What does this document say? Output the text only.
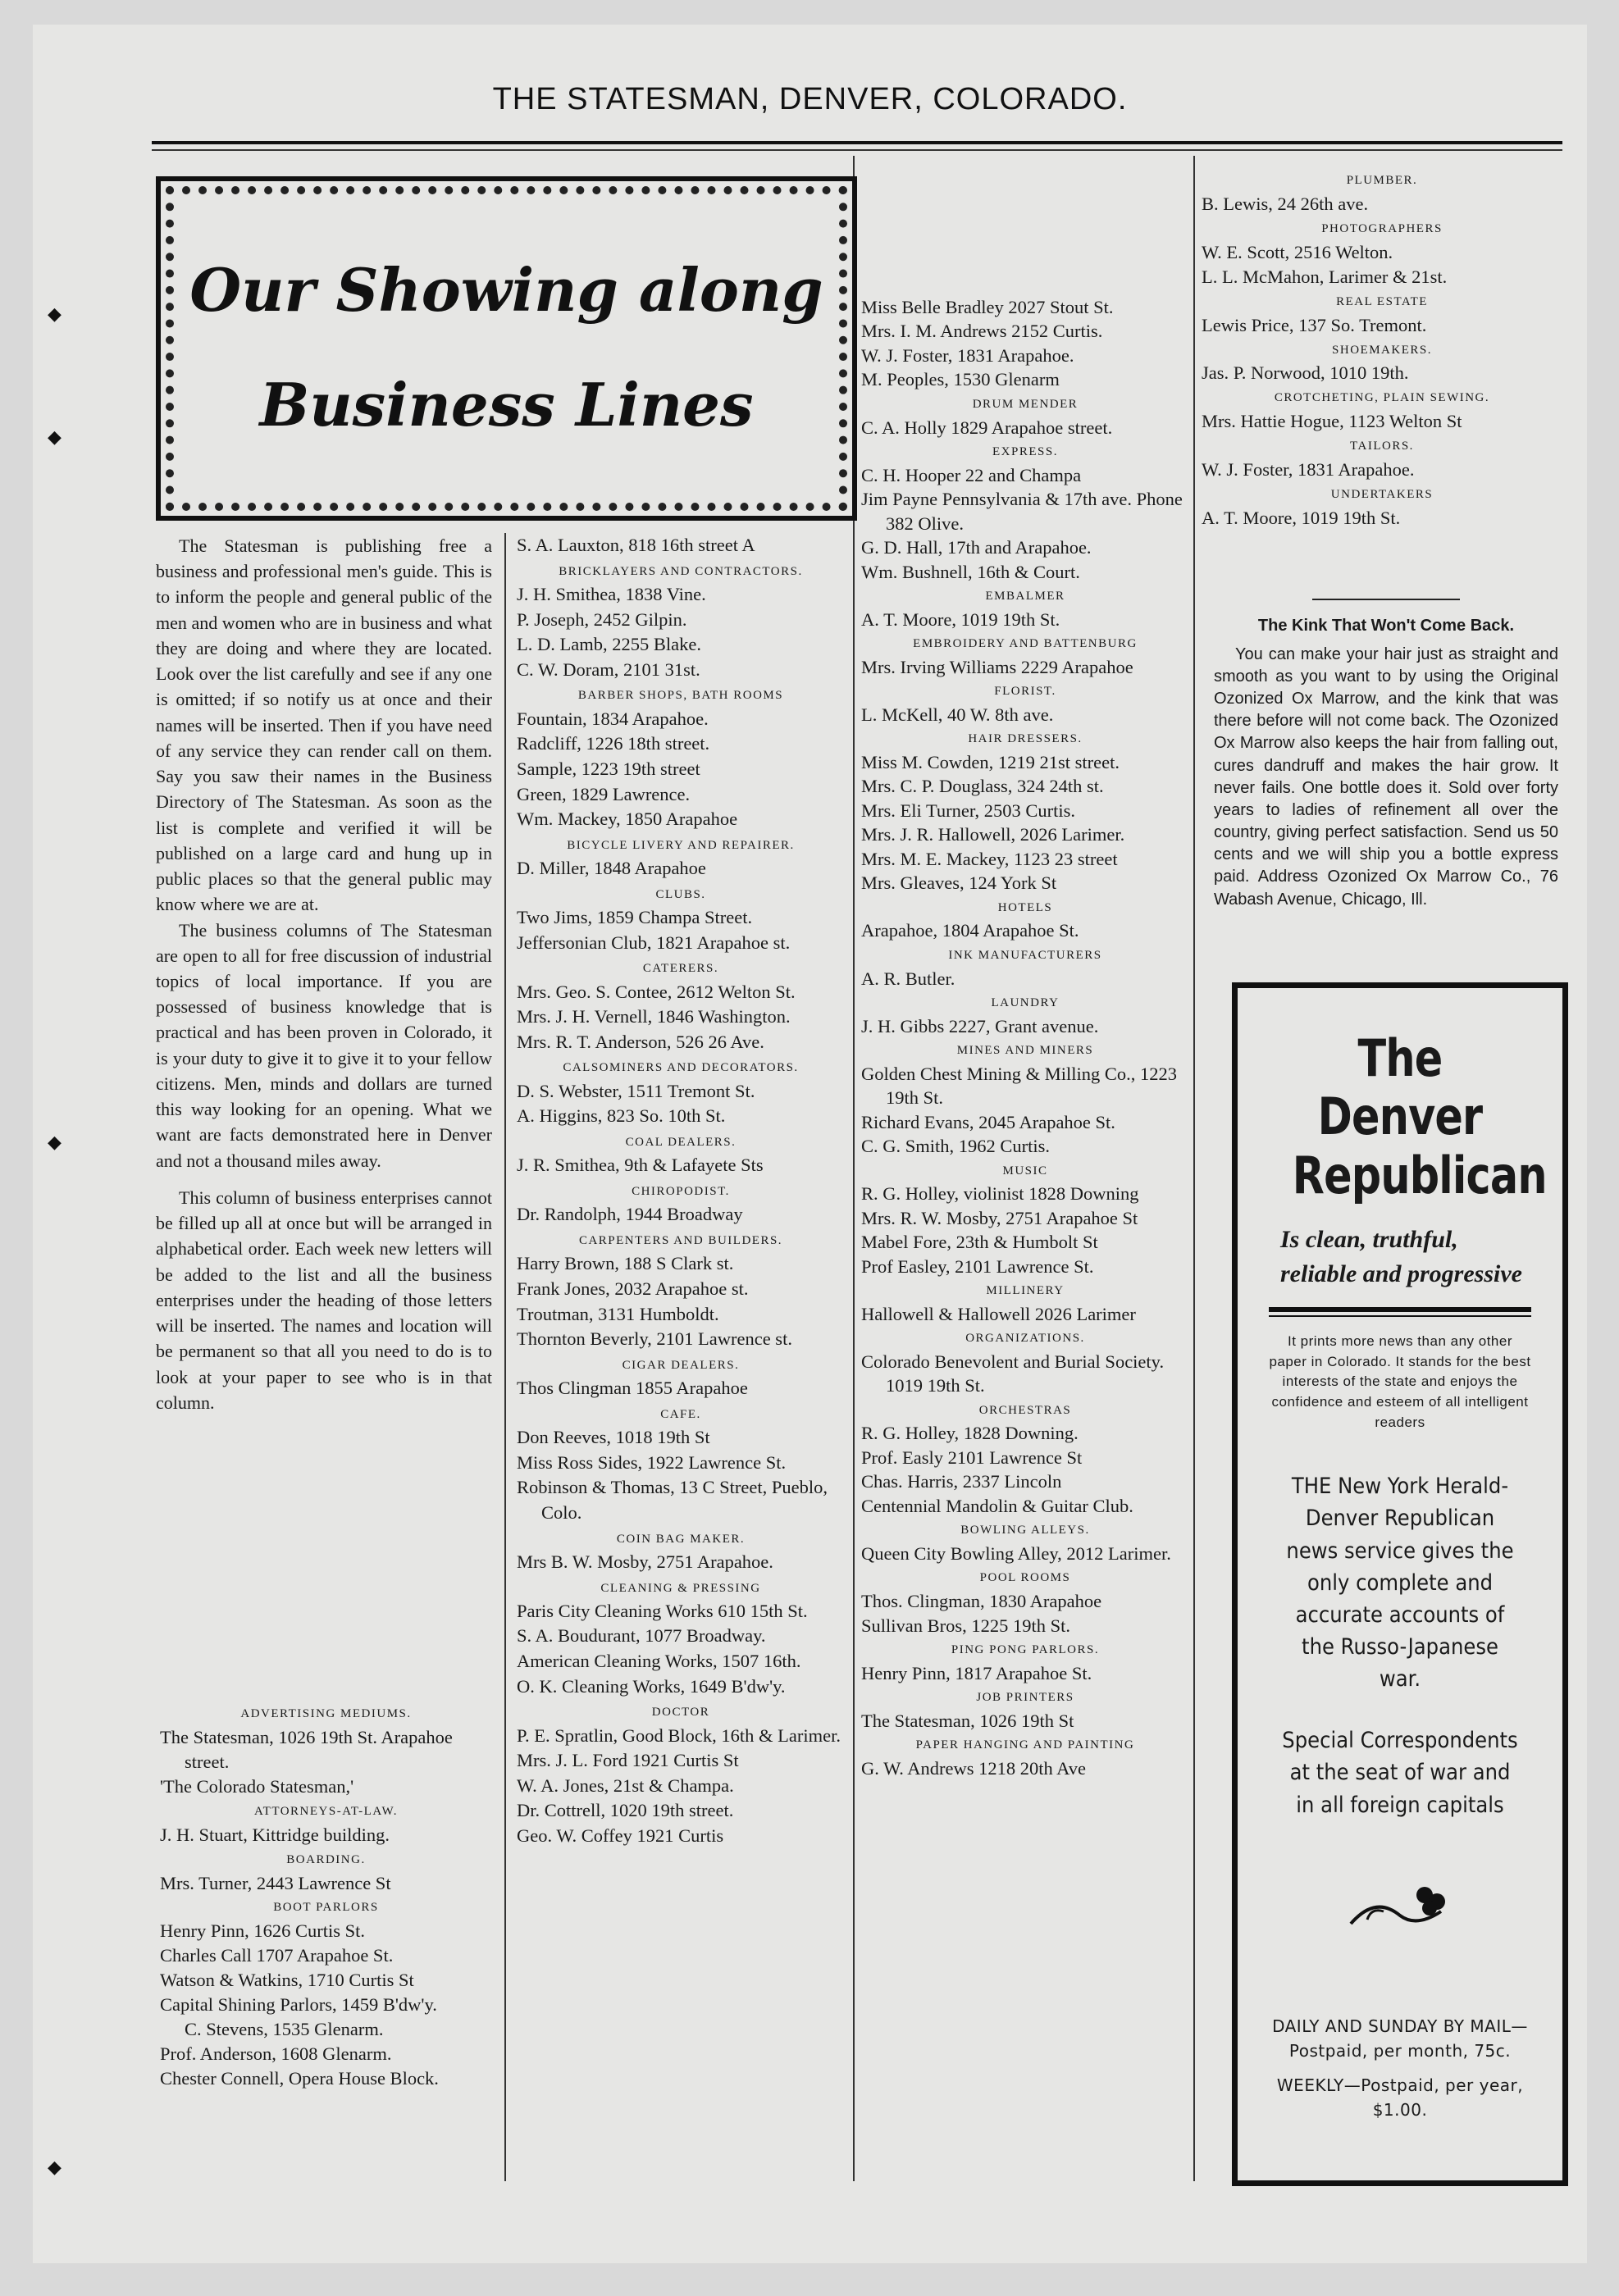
THE STATESMAN, DENVER, COLORADO.
◆
◆
◆
◆
Our Showing along
Business Lines

The Statesman is publishing free a business and professional men's guide. This is to inform the people and general public of the men and women who are in business and what they are doing and where they are located. Look over the list carefully and see if any one is omitted; if so notify us at once and their names will be inserted. Then if you have need of any service they can render call on them. Say you saw their names in the Business Directory of The Statesman. As soon as the list is complete and verified it will be published on a large card and hung up in public places so that the general public may know where we are at.

The business columns of The Statesman are open to all for free discussion of industrial topics of local importance. If you are possessed of business knowledge that is practical and has been proven in Colorado, it is your duty to give it to give it to your fellow citizens. Men, minds and dollars are turned this way looking for an opening. What we want are facts demonstrated here in Denver and not a thousand miles away.

This column of business enterprises cannot be filled up all at once but will be arranged in alphabetical order. Each week new letters will be added to the list and all the business enterprises under the heading of those letters will be inserted. The names and location will be permanent so that all you need to do is to look at your paper to see who is in that column.

ADVERTISING MEDIUMS.

The Statesman, 1026 19th St. Arapahoe street.

'The Colorado Statesman,'

ATTORNEYS-AT-LAW.

J. H. Stuart, Kittridge building.

BOARDING.

Mrs. Turner, 2443 Lawrence St

BOOT PARLORS

Henry Pinn, 1626 Curtis St.

Charles Call 1707 Arapahoe St.

Watson & Watkins, 1710 Curtis St

Capital Shining Parlors, 1459 B'dw'y.

C. Stevens, 1535 Glenarm.

Prof. Anderson, 1608 Glenarm.

Chester Connell, Opera House Block.

S. A. Lauxton, 818 16th street A

BRICKLAYERS AND CONTRACTORS.

J. H. Smithea, 1838 Vine.

P. Joseph, 2452 Gilpin.

L. D. Lamb, 2255 Blake.

C. W. Doram, 2101 31st.

BARBER SHOPS, BATH ROOMS

Fountain, 1834 Arapahoe.

Radcliff, 1226 18th street.

Sample, 1223 19th street

Green, 1829 Lawrence.

Wm. Mackey, 1850 Arapahoe

BICYCLE LIVERY AND REPAIRER.

D. Miller, 1848 Arapahoe

CLUBS.

Two Jims, 1859 Champa Street.

Jeffersonian Club, 1821 Arapahoe st.

CATERERS.

Mrs. Geo. S. Contee, 2612 Welton St.

Mrs. J. H. Vernell, 1846 Washington.

Mrs. R. T. Anderson, 526 26 Ave.

CALSOMINERS AND DECORATORS.

D. S. Webster, 1511 Tremont St.

A. Higgins, 823 So. 10th St.

COAL DEALERS.

J. R. Smithea, 9th & Lafayete Sts

CHIROPODIST.

Dr. Randolph, 1944 Broadway

CARPENTERS AND BUILDERS.

Harry Brown, 188 S Clark st.

Frank Jones, 2032 Arapahoe st.

Troutman, 3131 Humboldt.

Thornton Beverly, 2101 Lawrence st.

CIGAR DEALERS.

Thos Clingman 1855 Arapahoe

CAFE.

Don Reeves, 1018 19th St

Miss Ross Sides, 1922 Lawrence St.

Robinson & Thomas, 13 C Street, Pueblo, Colo.

COIN BAG MAKER.

Mrs B. W. Mosby, 2751 Arapahoe.

CLEANING & PRESSING

Paris City Cleaning Works 610 15th St.

S. A. Boudurant, 1077 Broadway.

American Cleaning Works, 1507 16th.

O. K. Cleaning Works, 1649 B'dw'y.

DOCTOR

P. E. Spratlin, Good Block, 16th & Larimer.

Mrs. J. L. Ford 1921 Curtis St

W. A. Jones, 21st & Champa.

Dr. Cottrell, 1020 19th street.

Geo. W. Coffey 1921 Curtis

Miss Belle Bradley 2027 Stout St.

Mrs. I. M. Andrews 2152 Curtis.

W. J. Foster, 1831 Arapahoe.

M. Peoples, 1530 Glenarm

DRUM MENDER

C. A. Holly 1829 Arapahoe street.

EXPRESS.

C. H. Hooper 22 and Champa

Jim Payne Pennsylvania & 17th ave. Phone 382 Olive.

G. D. Hall, 17th and Arapahoe.

Wm. Bushnell, 16th & Court.

EMBALMER

A. T. Moore, 1019 19th St.

EMBROIDERY AND BATTENBURG

Mrs. Irving Williams 2229 Arapahoe

FLORIST.

L. McKell, 40 W. 8th ave.

HAIR DRESSERS.

Miss M. Cowden, 1219 21st street.

Mrs. C. P. Douglass, 324 24th st.

Mrs. Eli Turner, 2503 Curtis.

Mrs. J. R. Hallowell, 2026 Larimer.

Mrs. M. E. Mackey, 1123 23 street

Mrs. Gleaves, 124 York St

HOTELS

Arapahoe, 1804 Arapahoe St.

INK MANUFACTURERS

A. R. Butler.

LAUNDRY

J. H. Gibbs 2227, Grant avenue.

MINES AND MINERS

Golden Chest Mining & Milling Co., 1223 19th St.

Richard Evans, 2045 Arapahoe St.

C. G. Smith, 1962 Curtis.

MUSIC

R. G. Holley, violinist 1828 Downing

Mrs. R. W. Mosby, 2751 Arapahoe St

Mabel Fore, 23th & Humbolt St

Prof Easley, 2101 Lawrence St.

MILLINERY

Hallowell & Hallowell 2026 Larimer

ORGANIZATIONS.

Colorado Benevolent and Burial Society. 1019 19th St.

ORCHESTRAS

R. G. Holley, 1828 Downing.

Prof. Easly 2101 Lawrence St

Chas. Harris, 2337 Lincoln

Centennial Mandolin & Guitar Club.

BOWLING ALLEYS.

Queen City Bowling Alley, 2012 Larimer.

POOL ROOMS

Thos. Clingman, 1830 Arapahoe

Sullivan Bros, 1225 19th St.

PING PONG PARLORS.

Henry Pinn, 1817 Arapahoe St.

JOB PRINTERS

The Statesman, 1026 19th St

PAPER HANGING AND PAINTING

G. W. Andrews 1218 20th Ave

PLUMBER.

B. Lewis, 24 26th ave.

PHOTOGRAPHERS

W. E. Scott, 2516 Welton.

L. L. McMahon, Larimer & 21st.

REAL ESTATE

Lewis Price, 137 So. Tremont.

SHOEMAKERS.

Jas. P. Norwood, 1010 19th.

CROTCHETING, PLAIN SEWING.

Mrs. Hattie Hogue, 1123 Welton St

TAILORS.

W. J. Foster, 1831 Arapahoe.

UNDERTAKERS

A. T. Moore, 1019 19th St.

The Kink That Won't Come Back.

You can make your hair just as straight and smooth as you want to by using the Original Ozonized Ox Marrow, and the kink that was there before will not come back. The Ozonized Ox Marrow also keeps the hair from falling out, cures dandruff and makes the hair grow. It never fails. One bottle does it. Sold over forty years to ladies of refinement all over the country, giving perfect satisfaction. Send us 50 cents and we will ship you a bottle express paid. Address Ozonized Ox Marrow Co., 76 Wabash Avenue, Chicago, Ill.

The Denver
Republican
Is clean, truthful, reliable and progressive
It prints more news than any other paper in Colorado. It stands for the best interests of the state and enjoys the confidence and esteem of all intelligent readers
THE New York Herald-Denver Republican news service gives the only complete and accurate accounts of the Russo-Japanese war.
Special Correspondents at the seat of war and in all foreign capitals
DAILY AND SUNDAY BY MAIL—Postpaid, per month, 75c.
WEEKLY—Postpaid, per year, $1.00.
